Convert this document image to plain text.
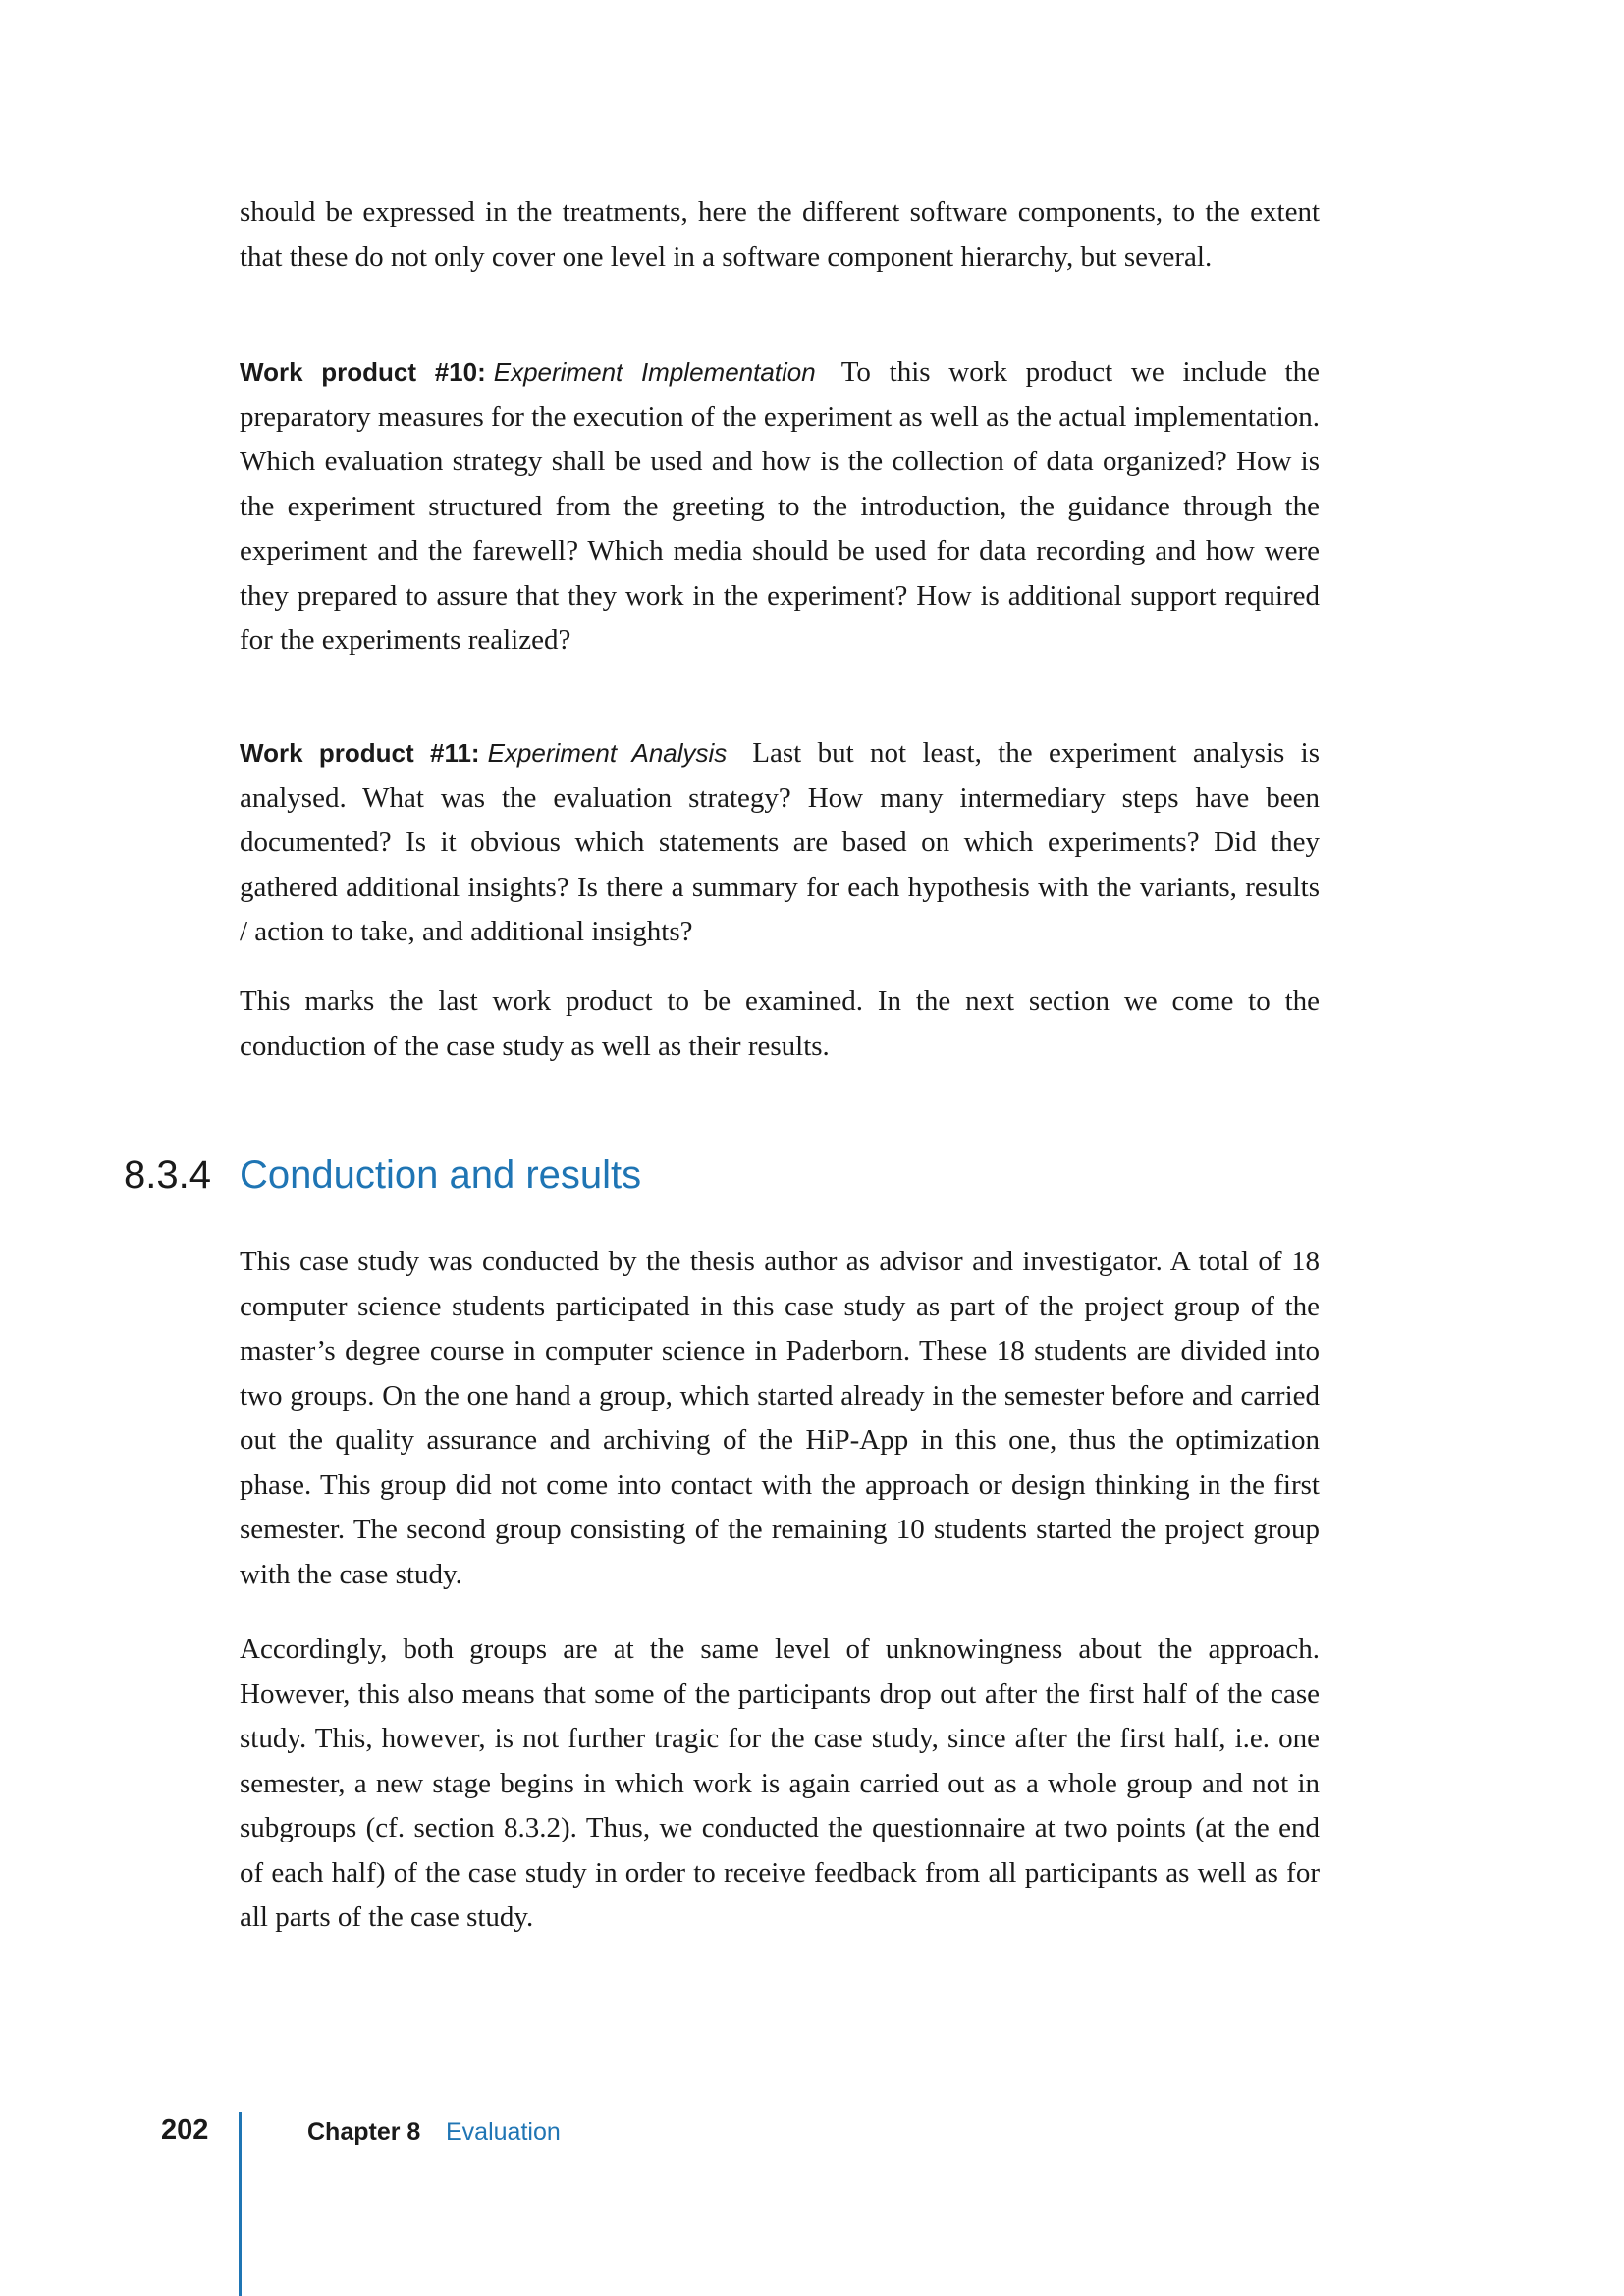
should be expressed in the treatments, here the different software components, to the extent that these do not only cover one level in a software component hierarchy, but several.

Work product #10: Experiment Implementation To this work product we include the preparatory measures for the execution of the experiment as well as the actual implementation. Which evaluation strategy shall be used and how is the collection of data organized? How is the experiment structured from the greeting to the introduction, the guidance through the experiment and the farewell? Which media should be used for data recording and how were they prepared to assure that they work in the experiment? How is additional support required for the experiments realized?

Work product #11: Experiment Analysis Last but not least, the experiment analysis is analysed. What was the evaluation strategy? How many intermediary steps have been documented? Is it obvious which statements are based on which experiments? Did they gathered additional insights? Is there a summary for each hypothesis with the variants, results / action to take, and additional insights?

This marks the last work product to be examined. In the next section we come to the conduction of the case study as well as their results.

8.3.4 Conduction and results

This case study was conducted by the thesis author as advisor and investigator. A total of 18 computer science students participated in this case study as part of the project group of the master’s degree course in computer science in Paderborn. These 18 students are divided into two groups. On the one hand a group, which started already in the semester before and carried out the quality assurance and archiving of the HiP-App in this one, thus the optimization phase. This group did not come into contact with the approach or design thinking in the first semester. The second group consisting of the remaining 10 students started the project group with the case study.

Accordingly, both groups are at the same level of unknowingness about the approach. However, this also means that some of the participants drop out after the first half of the case study. This, however, is not further tragic for the case study, since after the first half, i.e. one semester, a new stage begins in which work is again carried out as a whole group and not in subgroups (cf. section 8.3.2). Thus, we conducted the questionnaire at two points (at the end of each half) of the case study in order to receive feedback from all participants as well as for all parts of the case study.

202	Chapter 8 Evaluation
